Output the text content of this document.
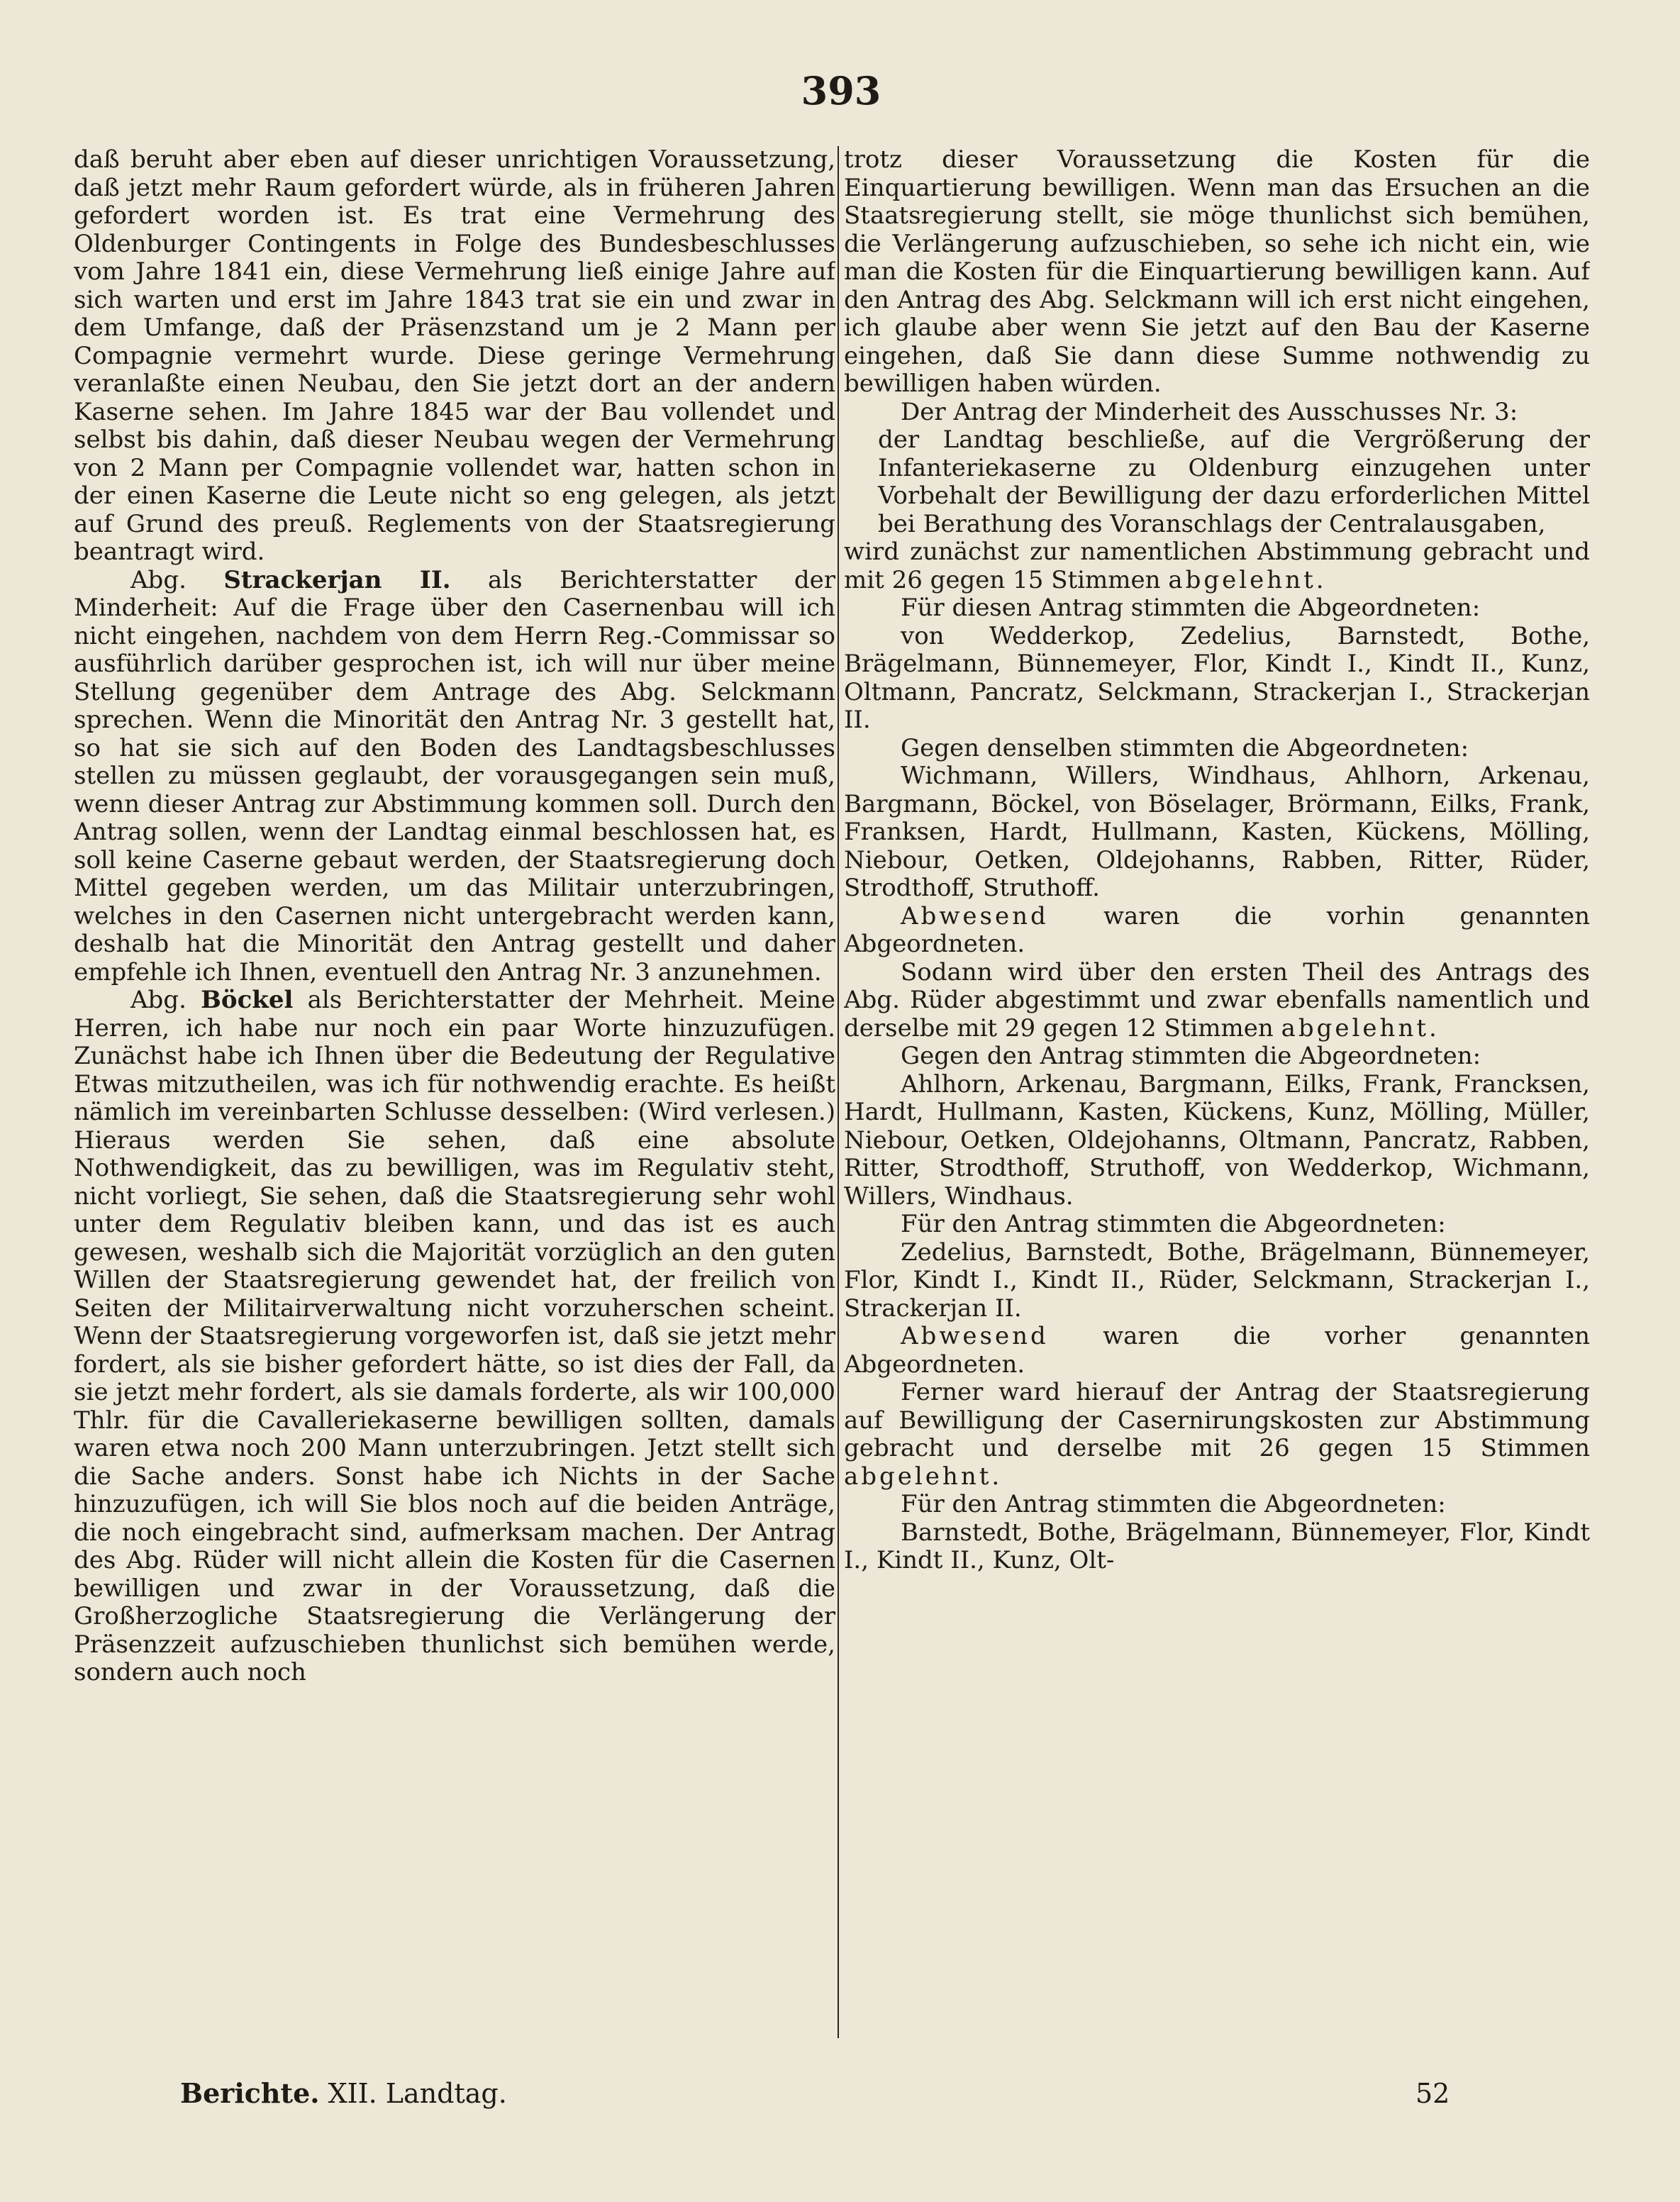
393

daß beruht aber eben auf dieser unrichtigen Voraussetzung, daß jetzt mehr Raum gefordert würde, als in früheren Jahren gefordert worden ist. Es trat eine Vermehrung des Oldenburger Contingents in Folge des Bundesbeschlusses vom Jahre 1841 ein, diese Vermehrung ließ einige Jahre auf sich warten und erst im Jahre 1843 trat sie ein und zwar in dem Umfange, daß der Präsenzstand um je 2 Mann per Compagnie vermehrt wurde. Diese geringe Vermehrung veranlaßte einen Neubau, den Sie jetzt dort an der andern Kaserne sehen. Im Jahre 1845 war der Bau vollendet und selbst bis dahin, daß dieser Neubau wegen der Vermehrung von 2 Mann per Compagnie vollendet war, hatten schon in der einen Kaserne die Leute nicht so eng gelegen, als jetzt auf Grund des preuß. Reglements von der Staatsregierung beantragt wird.

Abg. Strackerjan II. als Berichterstatter der Minderheit: Auf die Frage über den Casernenbau will ich nicht eingehen, nachdem von dem Herrn Reg.-Commissar so ausführlich darüber gesprochen ist, ich will nur über meine Stellung gegenüber dem Antrage des Abg. Selckmann sprechen. Wenn die Minorität den Antrag Nr. 3 gestellt hat, so hat sie sich auf den Boden des Landtagsbeschlusses stellen zu müssen geglaubt, der vorausgegangen sein muß, wenn dieser Antrag zur Abstimmung kommen soll. Durch den Antrag sollen, wenn der Landtag einmal beschlossen hat, es soll keine Caserne gebaut werden, der Staatsregierung doch Mittel gegeben werden, um das Militair unterzubringen, welches in den Casernen nicht untergebracht werden kann, deshalb hat die Minorität den Antrag gestellt und daher empfehle ich Ihnen, eventuell den Antrag Nr. 3 anzunehmen.

Abg. Böckel als Berichterstatter der Mehrheit. Meine Herren, ich habe nur noch ein paar Worte hinzuzufügen. Zunächst habe ich Ihnen über die Bedeutung der Regulative Etwas mitzutheilen, was ich für nothwendig erachte. Es heißt nämlich im vereinbarten Schlusse desselben: (Wird verlesen.) Hieraus werden Sie sehen, daß eine absolute Nothwendigkeit, das zu bewilligen, was im Regulativ steht, nicht vorliegt, Sie sehen, daß die Staatsregierung sehr wohl unter dem Regulativ bleiben kann, und das ist es auch gewesen, weshalb sich die Majorität vorzüglich an den guten Willen der Staatsregierung gewendet hat, der freilich von Seiten der Militairverwaltung nicht vorzuherschen scheint. Wenn der Staatsregierung vorgeworfen ist, daß sie jetzt mehr fordert, als sie bisher gefordert hätte, so ist dies der Fall, da sie jetzt mehr fordert, als sie damals forderte, als wir 100,000 Thlr. für die Cavalleriekaserne bewilligen sollten, damals waren etwa noch 200 Mann unterzubringen. Jetzt stellt sich die Sache anders. Sonst habe ich Nichts in der Sache hinzuzufügen, ich will Sie blos noch auf die beiden Anträge, die noch eingebracht sind, aufmerksam machen. Der Antrag des Abg. Rüder will nicht allein die Kosten für die Casernen bewilligen und zwar in der Voraussetzung, daß die Großherzogliche Staatsregierung die Verlängerung der Präsenzzeit aufzuschieben thunlichst sich bemühen werde, sondern auch noch

trotz dieser Voraussetzung die Kosten für die Einquartierung bewilligen. Wenn man das Ersuchen an die Staatsregierung stellt, sie möge thunlichst sich bemühen, die Verlängerung aufzuschieben, so sehe ich nicht ein, wie man die Kosten für die Einquartierung bewilligen kann. Auf den Antrag des Abg. Selckmann will ich erst nicht eingehen, ich glaube aber wenn Sie jetzt auf den Bau der Kaserne eingehen, daß Sie dann diese Summe nothwendig zu bewilligen haben würden.

Der Antrag der Minderheit des Ausschusses Nr. 3:

der Landtag beschließe, auf die Vergrößerung der Infanteriekaserne zu Oldenburg einzugehen unter Vorbehalt der Bewilligung der dazu erforderlichen Mittel bei Berathung des Voranschlags der Centralausgaben,

wird zunächst zur namentlichen Abstimmung gebracht und mit 26 gegen 15 Stimmen abgelehnt.

Für diesen Antrag stimmten die Abgeordneten:

von Wedderkop, Zedelius, Barnstedt, Bothe, Brägelmann, Bünnemeyer, Flor, Kindt I., Kindt II., Kunz, Oltmann, Pancratz, Selckmann, Strackerjan I., Strackerjan II.

Gegen denselben stimmten die Abgeordneten:

Wichmann, Willers, Windhaus, Ahlhorn, Arkenau, Bargmann, Böckel, von Böselager, Brörmann, Eilks, Frank, Franksen, Hardt, Hullmann, Kasten, Kückens, Mölling, Niebour, Oetken, Oldejohanns, Rabben, Ritter, Rüder, Strodthoff, Struthoff.

Abwesend waren die vorhin genannten Abgeordneten.

Sodann wird über den ersten Theil des Antrags des Abg. Rüder abgestimmt und zwar ebenfalls namentlich und derselbe mit 29 gegen 12 Stimmen abgelehnt.

Gegen den Antrag stimmten die Abgeordneten:

Ahlhorn, Arkenau, Bargmann, Eilks, Frank, Francksen, Hardt, Hullmann, Kasten, Kückens, Kunz, Mölling, Müller, Niebour, Oetken, Oldejohanns, Oltmann, Pancratz, Rabben, Ritter, Strodthoff, Struthoff, von Wedderkop, Wichmann, Willers, Windhaus.

Für den Antrag stimmten die Abgeordneten:

Zedelius, Barnstedt, Bothe, Brägelmann, Bünnemeyer, Flor, Kindt I., Kindt II., Rüder, Selckmann, Strackerjan I., Strackerjan II.

Abwesend waren die vorher genannten Abgeordneten.

Ferner ward hierauf der Antrag der Staatsregierung auf Bewilligung der Casernirungskosten zur Abstimmung gebracht und derselbe mit 26 gegen 15 Stimmen abgelehnt.

Für den Antrag stimmten die Abgeordneten:

Barnstedt, Bothe, Brägelmann, Bünnemeyer, Flor, Kindt I., Kindt II., Kunz, Olt-

Berichte. XII. Landtag.	52
